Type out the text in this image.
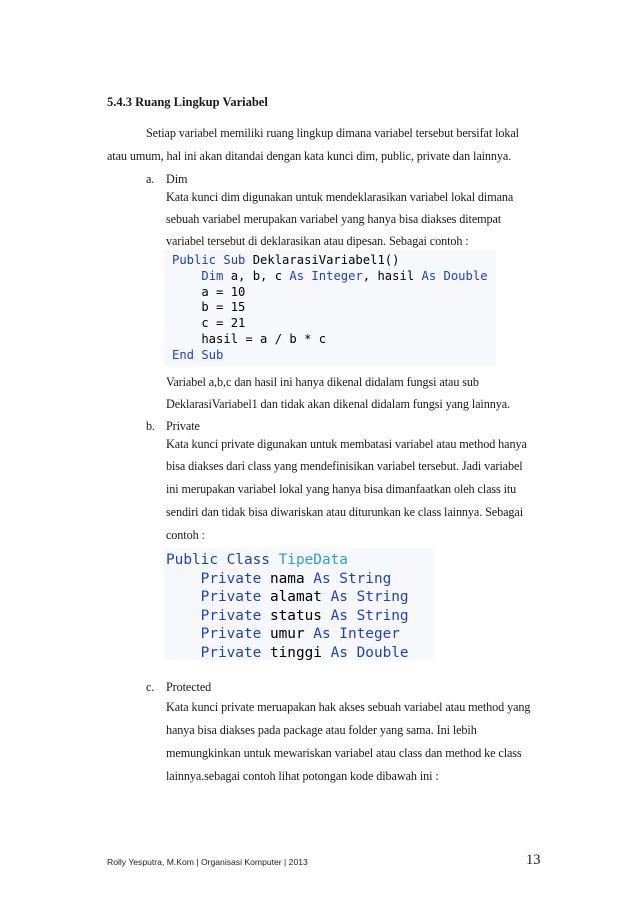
5.4.3 Ruang Lingkup Variabel
Setiap variabel memiliki ruang lingkup dimana variabel tersebut bersifat lokal
atau umum, hal ini akan ditandai dengan kata kunci dim, public, private dan lainnya.
a. Dim
Kata kunci dim digunakan untuk mendeklarasikan variabel lokal dimana
sebuah variabel merupakan variabel yang hanya bisa diakses ditempat
variabel tersebut di deklarasikan atau dipesan. Sebagai contoh :
Public Sub DeklarasiVariabel1()
Dim a, b, c As Integer, hasil As Double
a = 10
b = 15
c = 21
hasil = a / b * c
End Sub
Variabel a,b,c dan hasil ini hanya dikenal didalam fungsi atau sub
DeklarasiVariabel1 dan tidak akan dikenal didalam fungsi yang lainnya.
b. Private
Kata kunci private digunakan untuk membatasi variabel atau method hanya
bisa diakses dari class yang mendefinisikan variabel tersebut. Jadi variabel
ini merupakan variabel lokal yang hanya bisa dimanfaatkan oleh class itu
sendiri dan tidak bisa diwariskan atau diturunkan ke class lainnya. Sebagai
contoh :
Public Class TipeData
Private nama As String
Private alamat As String
Private status As String
Private umur As Integer
Private tinggi As Double
c. Protected
Kata kunci private meruapakan hak akses sebuah variabel atau method yang
hanya bisa diakses pada package atau folder yang sama. Ini lebih
memungkinkan untuk mewariskan variabel atau class dan method ke class
lainnya.sebagai contoh lihat potongan kode dibawah ini :
Rolly Yesputra, M.Kom | Organisasi Komputer | 2013	13
